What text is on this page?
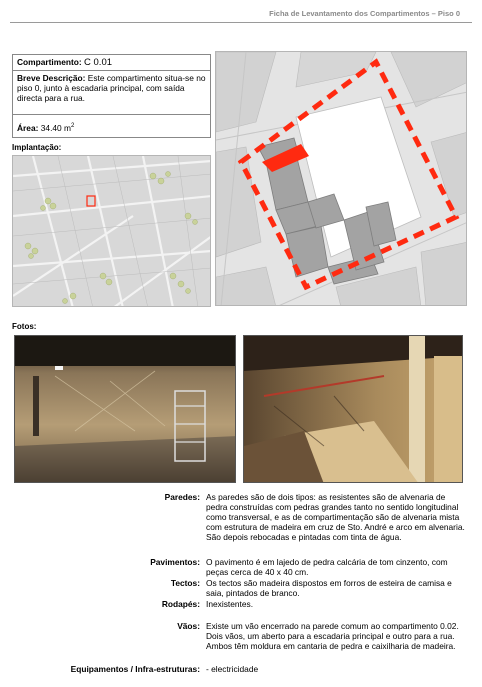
Ficha de Levantamento dos Compartimentos – Piso 0
Compartimento: C 0.01
Breve Descrição: Este compartimento situa-se no piso 0, junto à escadaria principal, com saída directa para a rua.
Área: 34.40 $m^2$
Implantação:
Fotos:
Paredes: As paredes são de dois tipos: as resistentes são de alvenaria de pedra construídas com pedras grandes tanto no sentido longitudinal como transversal, e as de compartimentação são de alvenaria mista com estrutura de madeira em cruz de Sto. André e arco em alvenaria. São depois rebocadas e pintadas com tinta de água.
Pavimentos: O pavimento é em lajedo de pedra calcária de tom cinzento, com peças cerca de 40 x 40 cm.
Tectos: Os tectos são madeira dispostos em forros de esteira de camisa e saia, pintados de branco.
Rodapés: Inexistentes.
Vãos: Existe um vão encerrado na parede comum ao compartimento 0.02. Dois vãos, um aberto para a escadaria principal e outro para a rua. Ambos têm moldura em cantaria de pedra e caixilharia de madeira.
Equipamentos / Infra-estruturas: - electricidade
